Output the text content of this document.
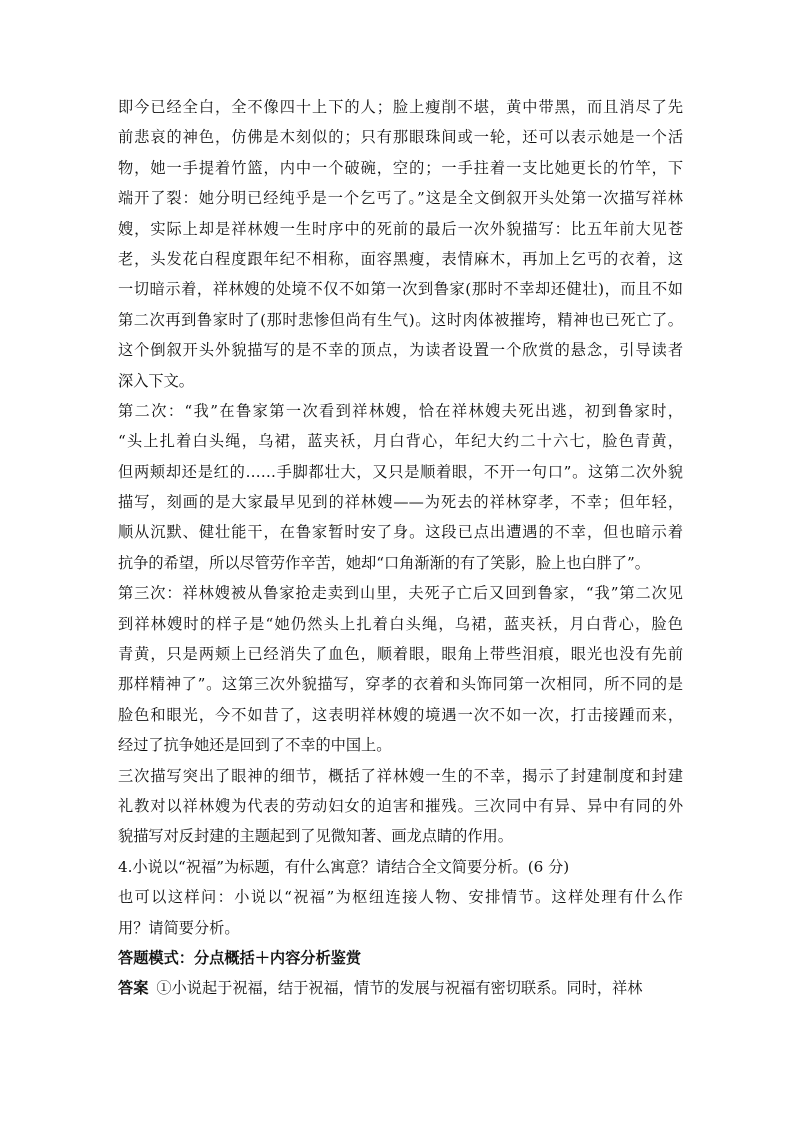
即今已经全白，全不像四十上下的人；脸上瘦削不堪，黄中带黑，而且消尽了先
前悲哀的神色，仿佛是木刻似的；只有那眼珠间或一轮，还可以表示她是一个活
物，她一手提着竹篮，内中一个破碗，空的；一手拄着一支比她更长的竹竿，下
端开了裂：她分明已经纯乎是一个乞丐了。”这是全文倒叙开头处第一次描写祥林
嫂，实际上却是祥林嫂一生时序中的死前的最后一次外貌描写：比五年前大见苍
老，头发花白程度跟年纪不相称，面容黑瘦，表情麻木，再加上乞丐的衣着，这
一切暗示着，祥林嫂的处境不仅不如第一次到鲁家(那时不幸却还健壮)，而且不如
第二次再到鲁家时了(那时悲惨但尚有生气)。这时肉体被摧垮，精神也已死亡了。
这个倒叙开头外貌描写的是不幸的顶点，为读者设置一个欣赏的悬念，引导读者
深入下文。
第二次：“我”在鲁家第一次看到祥林嫂，恰在祥林嫂夫死出逃，初到鲁家时，
“头上扎着白头绳，乌裙，蓝夹袄，月白背心，年纪大约二十六七，脸色青黄，
但两颊却还是红的……手脚都壮大，又只是顺着眼，不开一句口”。这第二次外貌
描写，刻画的是大家最早见到的祥林嫂——为死去的祥林穿孝，不幸；但年轻，
顺从沉默、健壮能干，在鲁家暂时安了身。这段已点出遭遇的不幸，但也暗示着
抗争的希望，所以尽管劳作辛苦，她却“口角渐渐的有了笑影，脸上也白胖了”。
第三次：祥林嫂被从鲁家抢走卖到山里，夫死子亡后又回到鲁家，“我”第二次见
到祥林嫂时的样子是“她仍然头上扎着白头绳，乌裙，蓝夹袄，月白背心，脸色
青黄，只是两颊上已经消失了血色，顺着眼，眼角上带些泪痕，眼光也没有先前
那样精神了”。这第三次外貌描写，穿孝的衣着和头饰同第一次相同，所不同的是
脸色和眼光，今不如昔了，这表明祥林嫂的境遇一次不如一次，打击接踵而来，
经过了抗争她还是回到了不幸的中国上。
三次描写突出了眼神的细节，概括了祥林嫂一生的不幸，揭示了封建制度和封建
礼教对以祥林嫂为代表的劳动妇女的迫害和摧残。三次同中有异、异中有同的外
貌描写对反封建的主题起到了见微知著、画龙点睛的作用。
4.小说以“祝福”为标题，有什么寓意？请结合全文简要分析。(6 分)
也可以这样问：小说以“祝福”为枢纽连接人物、安排情节。这样处理有什么作
用？请简要分析。
答题模式：分点概括＋内容分析鉴赏
答案 ①小说起于祝福，结于祝福，情节的发展与祝福有密切联系。同时，祥林
